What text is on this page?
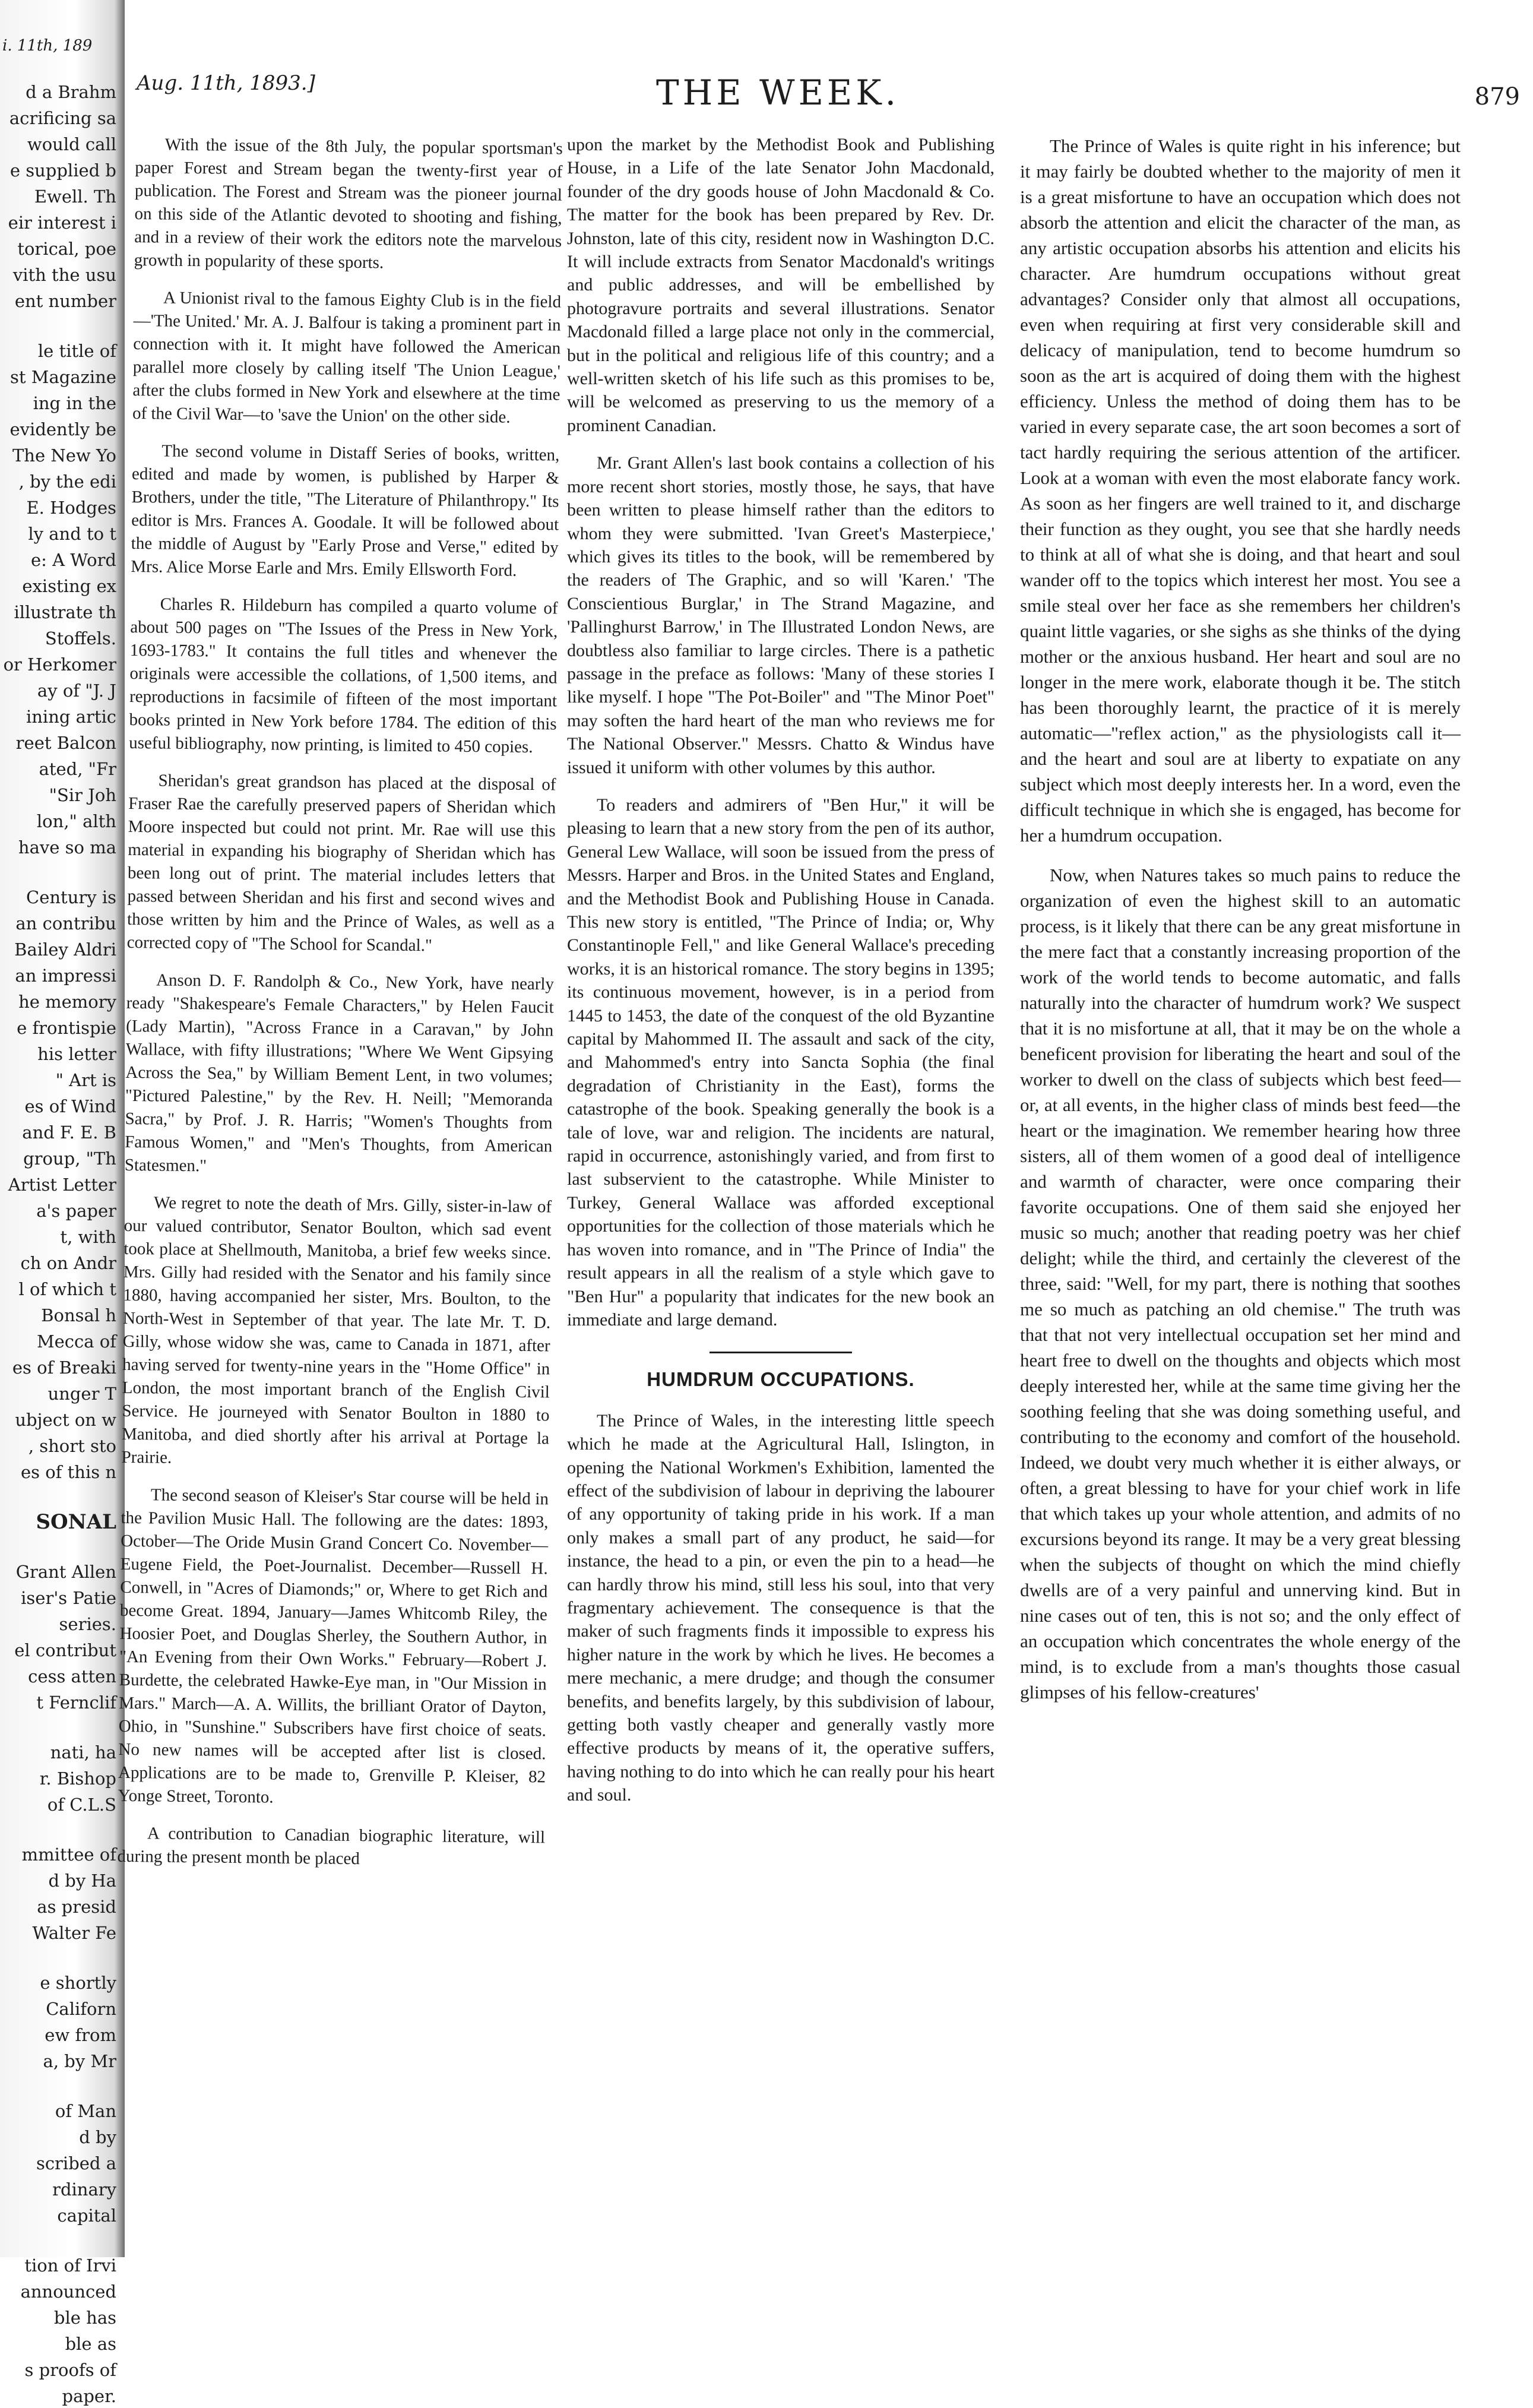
i. 11th, 189
d a Brahm
acrificing sa
would call
e supplied b
Ewell. Th
eir interest i
torical, poe
vith the usu
ent number
le title of
st Magazine
ing in the
evidently be
The New Yo
, by the edi
E. Hodges
ly and to t
e: A Word
existing ex
illustrate th
Stoffels.
or Herkomer
ay of "J. J
ining artic
reet Balcon
ated, "Fr
"Sir Joh
lon," alth
have so ma
Century is
an contribu
Bailey Aldri
an impressi
he memory
e frontispie
his letter
" Art is
es of Wind
and F. E. B
group, "Th
Artist Letter
a's paper
t, with
ch on Andr
l of which t
Bonsal h
Mecca of
es of Breaki
unger T
ubject on w
, short sto
es of this n
SONAL
Grant Allen
iser's Patie
series.
el contribut
cess atten
t Fernclif
nati, ha
r. Bishop
of C.L.S
mmittee of
d by Ha
as presid
Walter Fe
e shortly
Californ
ew from
a, by Mr
of Man
d by
scribed a
rdinary
capital
tion of Irvi
announced
ble has
ble as
s proofs of
paper.
Aug. 11th, 1893.]	THE WEEK.	879

With the issue of the 8th July, the popular sportsman's paper Forest and Stream began the twenty-first year of publication. The Forest and Stream was the pioneer journal on this side of the Atlantic devoted to shooting and fishing, and in a review of their work the editors note the marvelous growth in popularity of these sports.

A Unionist rival to the famous Eighty Club is in the field—'The United.' Mr. A. J. Balfour is taking a prominent part in connection with it. It might have followed the American parallel more closely by calling itself 'The Union League,' after the clubs formed in New York and elsewhere at the time of the Civil War—to 'save the Union' on the other side.

The second volume in Distaff Series of books, written, edited and made by women, is published by Harper & Brothers, under the title, "The Literature of Philanthropy." Its editor is Mrs. Frances A. Goodale. It will be followed about the middle of August by "Early Prose and Verse," edited by Mrs. Alice Morse Earle and Mrs. Emily Ellsworth Ford.

Charles R. Hildeburn has compiled a quarto volume of about 500 pages on "The Issues of the Press in New York, 1693-1783." It contains the full titles and whenever the originals were accessible the collations, of 1,500 items, and reproductions in facsimile of fifteen of the most important books printed in New York before 1784. The edition of this useful bibliography, now printing, is limited to 450 copies.

Sheridan's great grandson has placed at the disposal of Fraser Rae the carefully preserved papers of Sheridan which Moore inspected but could not print. Mr. Rae will use this material in expanding his biography of Sheridan which has been long out of print. The material includes letters that passed between Sheridan and his first and second wives and those written by him and the Prince of Wales, as well as a corrected copy of "The School for Scandal."

Anson D. F. Randolph & Co., New York, have nearly ready "Shakespeare's Female Characters," by Helen Faucit (Lady Martin), "Across France in a Caravan," by John Wallace, with fifty illustrations; "Where We Went Gipsying Across the Sea," by William Bement Lent, in two volumes; "Pictured Palestine," by the Rev. H. Neill; "Memoranda Sacra," by Prof. J. R. Harris; "Women's Thoughts from Famous Women," and "Men's Thoughts, from American Statesmen."

We regret to note the death of Mrs. Gilly, sister-in-law of our valued contributor, Senator Boulton, which sad event took place at Shellmouth, Manitoba, a brief few weeks since. Mrs. Gilly had resided with the Senator and his family since 1880, having accompanied her sister, Mrs. Boulton, to the North-West in September of that year. The late Mr. T. D. Gilly, whose widow she was, came to Canada in 1871, after having served for twenty-nine years in the "Home Office" in London, the most important branch of the English Civil Service. He journeyed with Senator Boulton in 1880 to Manitoba, and died shortly after his arrival at Portage la Prairie.

The second season of Kleiser's Star course will be held in the Pavilion Music Hall. The following are the dates: 1893, October—The Oride Musin Grand Concert Co. November—Eugene Field, the Poet-Journalist. December—Russell H. Conwell, in "Acres of Diamonds;" or, Where to get Rich and become Great. 1894, January—James Whitcomb Riley, the Hoosier Poet, and Douglas Sherley, the Southern Author, in "An Evening from their Own Works." February—Robert J. Burdette, the celebrated Hawke-Eye man, in "Our Mission in Mars." March—A. A. Willits, the brilliant Orator of Dayton, Ohio, in "Sunshine." Subscribers have first choice of seats. No new names will be accepted after list is closed. Applications are to be made to, Grenville P. Kleiser, 82 Yonge Street, Toronto.

A contribution to Canadian biographic literature, will during the present month be placed

upon the market by the Methodist Book and Publishing House, in a Life of the late Senator John Macdonald, founder of the dry goods house of John Macdonald & Co. The matter for the book has been prepared by Rev. Dr. Johnston, late of this city, resident now in Washington D.C. It will include extracts from Senator Macdonald's writings and public addresses, and will be embellished by photogravure portraits and several illustrations. Senator Macdonald filled a large place not only in the commercial, but in the political and religious life of this country; and a well-written sketch of his life such as this promises to be, will be welcomed as preserving to us the memory of a prominent Canadian.

Mr. Grant Allen's last book contains a collection of his more recent short stories, mostly those, he says, that have been written to please himself rather than the editors to whom they were submitted. 'Ivan Greet's Masterpiece,' which gives its titles to the book, will be remembered by the readers of The Graphic, and so will 'Karen.' 'The Conscientious Burglar,' in The Strand Magazine, and 'Pallinghurst Barrow,' in The Illustrated London News, are doubtless also familiar to large circles. There is a pathetic passage in the preface as follows: 'Many of these stories I like myself. I hope "The Pot-Boiler" and "The Minor Poet" may soften the hard heart of the man who reviews me for The National Observer." Messrs. Chatto & Windus have issued it uniform with other volumes by this author.

To readers and admirers of "Ben Hur," it will be pleasing to learn that a new story from the pen of its author, General Lew Wallace, will soon be issued from the press of Messrs. Harper and Bros. in the United States and England, and the Methodist Book and Publishing House in Canada. This new story is entitled, "The Prince of India; or, Why Constantinople Fell," and like General Wallace's preceding works, it is an historical romance. The story begins in 1395; its continuous movement, however, is in a period from 1445 to 1453, the date of the conquest of the old Byzantine capital by Mahommed II. The assault and sack of the city, and Mahommed's entry into Sancta Sophia (the final degradation of Christianity in the East), forms the catastrophe of the book. Speaking generally the book is a tale of love, war and religion. The incidents are natural, rapid in occurrence, astonishingly varied, and from first to last subservient to the catastrophe. While Minister to Turkey, General Wallace was afforded exceptional opportunities for the collection of those materials which he has woven into romance, and in "The Prince of India" the result appears in all the realism of a style which gave to "Ben Hur" a popularity that indicates for the new book an immediate and large demand.

HUMDRUM OCCUPATIONS.

The Prince of Wales, in the interesting little speech which he made at the Agricultural Hall, Islington, in opening the National Workmen's Exhibition, lamented the effect of the subdivision of labour in depriving the labourer of any opportunity of taking pride in his work. If a man only makes a small part of any product, he said—for instance, the head to a pin, or even the pin to a head—he can hardly throw his mind, still less his soul, into that very fragmentary achievement. The consequence is that the maker of such fragments finds it impossible to express his higher nature in the work by which he lives. He becomes a mere mechanic, a mere drudge; and though the consumer benefits, and benefits largely, by this subdivision of labour, getting both vastly cheaper and generally vastly more effective products by means of it, the operative suffers, having nothing to do into which he can really pour his heart and soul.

The Prince of Wales is quite right in his inference; but it may fairly be doubted whether to the majority of men it is a great misfortune to have an occupation which does not absorb the attention and elicit the character of the man, as any artistic occupation absorbs his attention and elicits his character. Are humdrum occupations without great advantages? Consider only that almost all occupations, even when requiring at first very considerable skill and delicacy of manipulation, tend to become humdrum so soon as the art is acquired of doing them with the highest efficiency. Unless the method of doing them has to be varied in every separate case, the art soon becomes a sort of tact hardly requiring the serious attention of the artificer. Look at a woman with even the most elaborate fancy work. As soon as her fingers are well trained to it, and discharge their function as they ought, you see that she hardly needs to think at all of what she is doing, and that heart and soul wander off to the topics which interest her most. You see a smile steal over her face as she remembers her children's quaint little vagaries, or she sighs as she thinks of the dying mother or the anxious husband. Her heart and soul are no longer in the mere work, elaborate though it be. The stitch has been thoroughly learnt, the practice of it is merely automatic—"reflex action," as the physiologists call it—and the heart and soul are at liberty to expatiate on any subject which most deeply interests her. In a word, even the difficult technique in which she is engaged, has become for her a humdrum occupation.

Now, when Natures takes so much pains to reduce the organization of even the highest skill to an automatic process, is it likely that there can be any great misfortune in the mere fact that a constantly increasing proportion of the work of the world tends to become automatic, and falls naturally into the character of humdrum work? We suspect that it is no misfortune at all, that it may be on the whole a beneficent provision for liberating the heart and soul of the worker to dwell on the class of subjects which best feed—or, at all events, in the higher class of minds best feed—the heart or the imagination. We remember hearing how three sisters, all of them women of a good deal of intelligence and warmth of character, were once comparing their favorite occupations. One of them said she enjoyed her music so much; another that reading poetry was her chief delight; while the third, and certainly the cleverest of the three, said: "Well, for my part, there is nothing that soothes me so much as patching an old chemise." The truth was that that not very intellectual occupation set her mind and heart free to dwell on the thoughts and objects which most deeply interested her, while at the same time giving her the soothing feeling that she was doing something useful, and contributing to the economy and comfort of the household. Indeed, we doubt very much whether it is either always, or often, a great blessing to have for your chief work in life that which takes up your whole attention, and admits of no excursions beyond its range. It may be a very great blessing when the subjects of thought on which the mind chiefly dwells are of a very painful and unnerving kind. But in nine cases out of ten, this is not so; and the only effect of an occupation which concentrates the whole energy of the mind, is to exclude from a man's thoughts those casual glimpses of his fellow-creatures'
